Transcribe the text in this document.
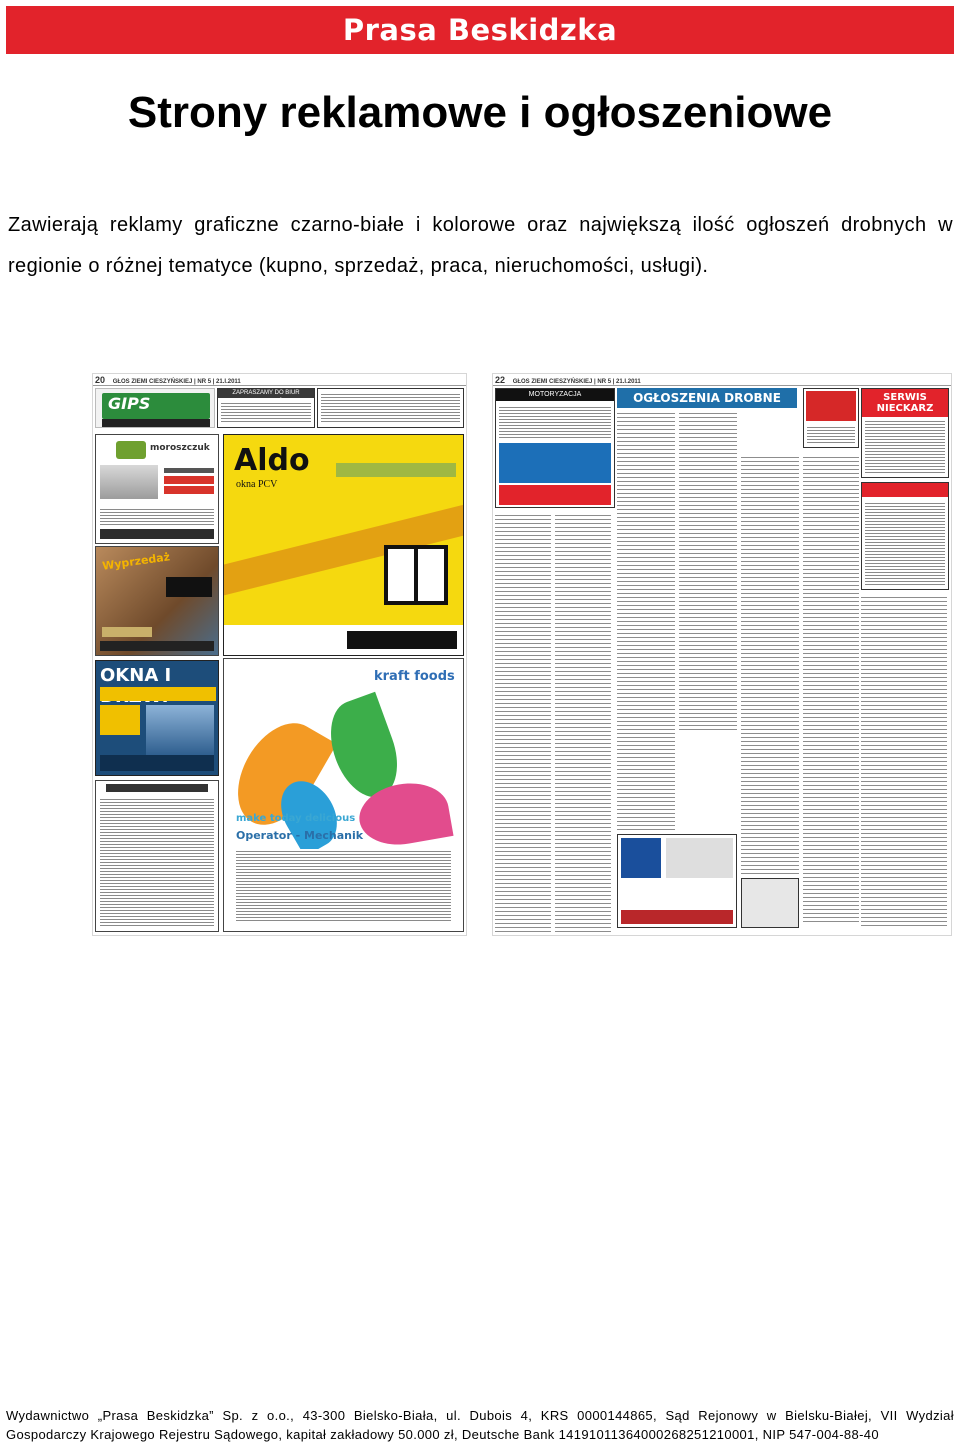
Prasa Beskidzka
Strony reklamowe i ogłoszeniowe

Zawierają reklamy graficzne czarno-białe i kolorowe oraz największą ilość ogłoszeń drobnych w regionie o różnej tematyce (kupno, sprzedaż, praca, nieruchomości, usługi).

20 GŁOS ZIEMI CIESZYŃSKIEJ | NR 5 | 21.I.2011
GIPS
ZAPRASZAMY DO BIUR
moroszczuk
Wyprzedaż
Aldo
okna PCV
OKNA I	kraft foods
make today delicious
Operator - Mechanik
22 GŁOS ZIEMI CIESZYŃSKIEJ | NR 5 | 21.I.2011
MOTORYZACJA	OGŁOSZENIA DROBNE	SERWIS NIECKARZ

Wydawnictwo „Prasa Beskidzka” Sp. z o.o., 43-300 Bielsko-Biała, ul. Dubois 4, KRS 0000144865, Sąd Rejonowy w Bielsku-Białej, VII Wydział Gospodarczy Krajowego Rejestru Sądowego, kapitał zakładowy 50.000 zł, Deutsche Bank 14191011364000268251210001, NIP 547-004-88-40
